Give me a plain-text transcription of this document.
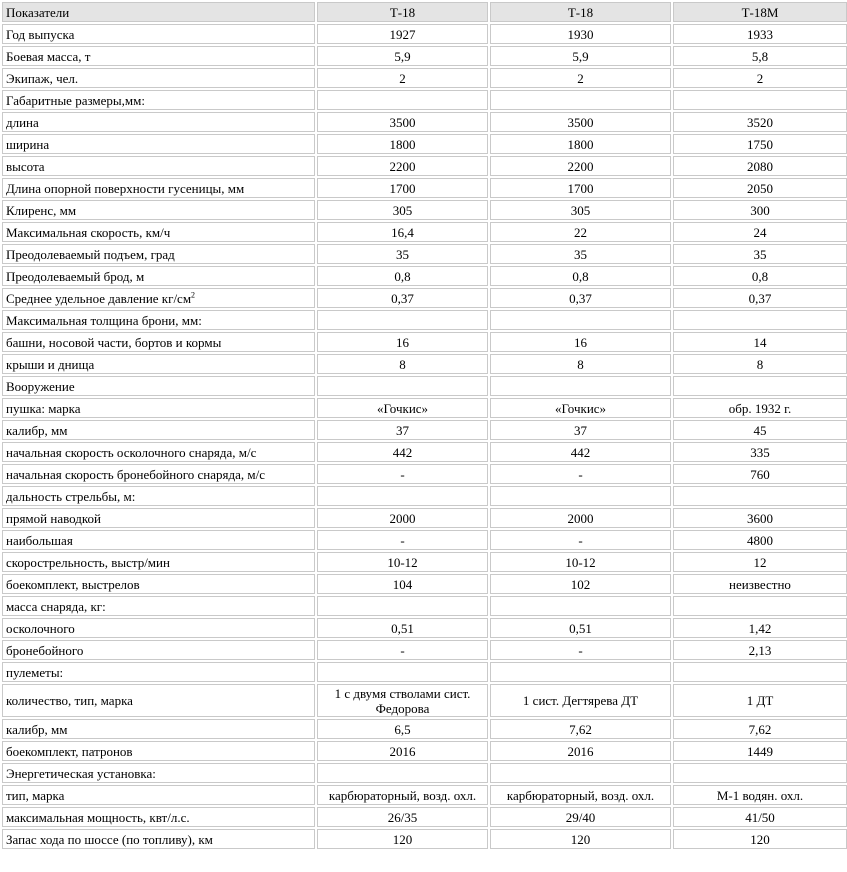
Показатели	Т-18	Т-18	Т-18М
Год выпуска	1927	1930	1933
Боевая масса, т	5,9	5,9	5,8
Экипаж, чел.	2	2	2
Габаритные размеры,мм:			
длина	3500	3500	3520
ширина	1800	1800	1750
высота	2200	2200	2080
Длина опорной поверхности гусеницы, мм	1700	1700	2050
Клиренс, мм	305	305	300
Максимальная скорость, км/ч	16,4	22	24
Преодолеваемый подъем, град	35	35	35
Преодолеваемый брод, м	0,8	0,8	0,8
Среднее удельное давление $кг/см^2$	0,37	0,37	0,37
Максимальная толщина брони, мм:			
башни, носовой части, бортов и кормы	16	16	14
крыши и днища	8	8	8
Вооружение			
пушка: марка	«Гочкис»	«Гочкис»	обр. 1932 г.
калибр, мм	37	37	45
начальная скорость осколочного снаряда, м/с	442	442	335
начальная скорость бронебойного снаряда, м/с	-	-	760
дальность стрельбы, м:			
прямой наводкой	2000	2000	3600
наибольшая	-	-	4800
скорострельность, выстр/мин	10-12	10-12	12
боекомплект, выстрелов	104	102	неизвестно
масса снаряда, кг:			
осколочного	0,51	0,51	1,42
бронебойного	-	-	2,13
пулеметы:			
количество, тип, марка	1 с двумя стволами сист. Федорова	1 сист. Дегтярева ДТ	1 ДТ
калибр, мм	6,5	7,62	7,62
боекомплект, патронов	2016	2016	1449
Энергетическая установка:			
тип, марка	карбюраторный, возд. охл.	карбюраторный, возд. охл.	М-1 водян. охл.
максимальная мощность, квт/л.с.	26/35	29/40	41/50
Запас хода по шоссе (по топливу), км	120	120	120
